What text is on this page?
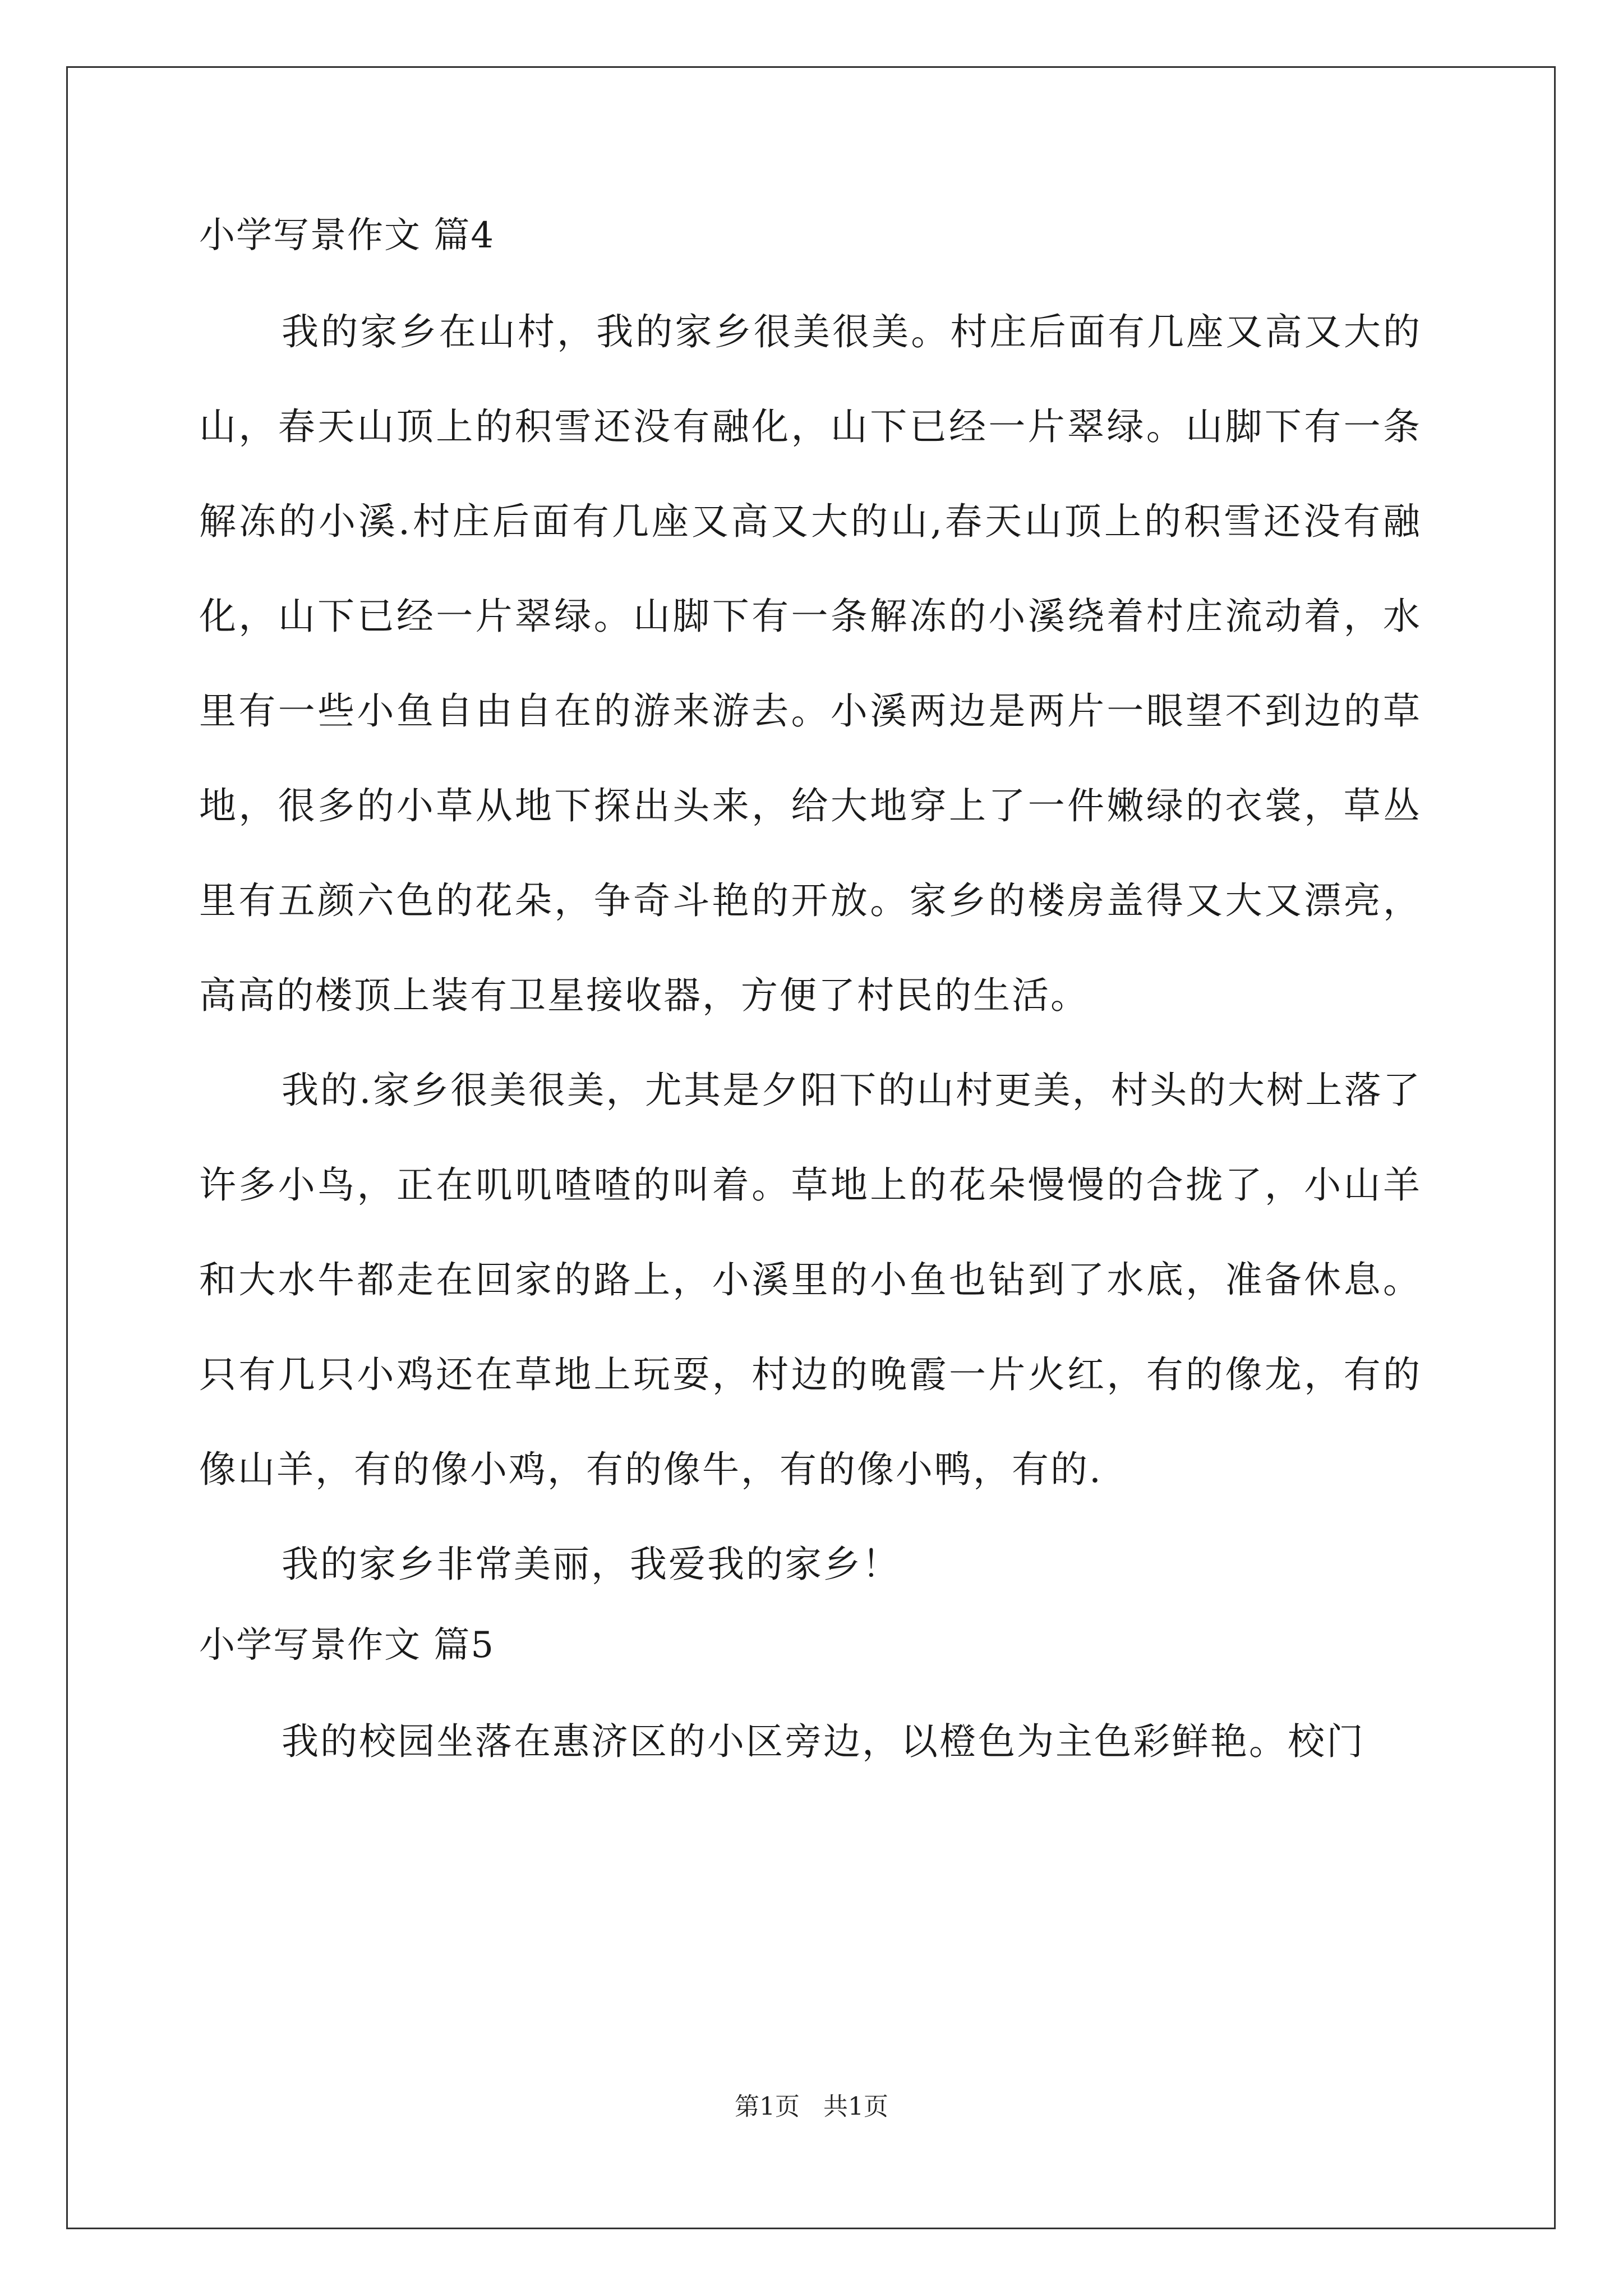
小学写景作文 篇4

我的家乡在山村，我的家乡很美很美。村庄后面有几座又高又大的山，春天山顶上的积雪还没有融化，山下已经一片翠绿。山脚下有一条解冻的小溪.村庄后面有几座又高又大的山,春天山顶上的积雪还没有融化，山下已经一片翠绿。山脚下有一条解冻的小溪绕着村庄流动着，水里有一些小鱼自由自在的游来游去。小溪两边是两片一眼望不到边的草地，很多的小草从地下探出头来，给大地穿上了一件嫩绿的衣裳，草丛里有五颜六色的花朵，争奇斗艳的开放。家乡的楼房盖得又大又漂亮，高高的楼顶上装有卫星接收器，方便了村民的生活。

我的.家乡很美很美，尤其是夕阳下的山村更美，村头的大树上落了许多小鸟，正在叽叽喳喳的叫着。草地上的花朵慢慢的合拢了，小山羊和大水牛都走在回家的路上，小溪里的小鱼也钻到了水底，准备休息。只有几只小鸡还在草地上玩耍，村边的晚霞一片火红，有的像龙，有的像山羊，有的像小鸡，有的像牛，有的像小鸭，有的.

我的家乡非常美丽，我爱我的家乡！

小学写景作文 篇5

我的校园坐落在惠济区的小区旁边，以橙色为主色彩鲜艳。校门

第1页 共1页
